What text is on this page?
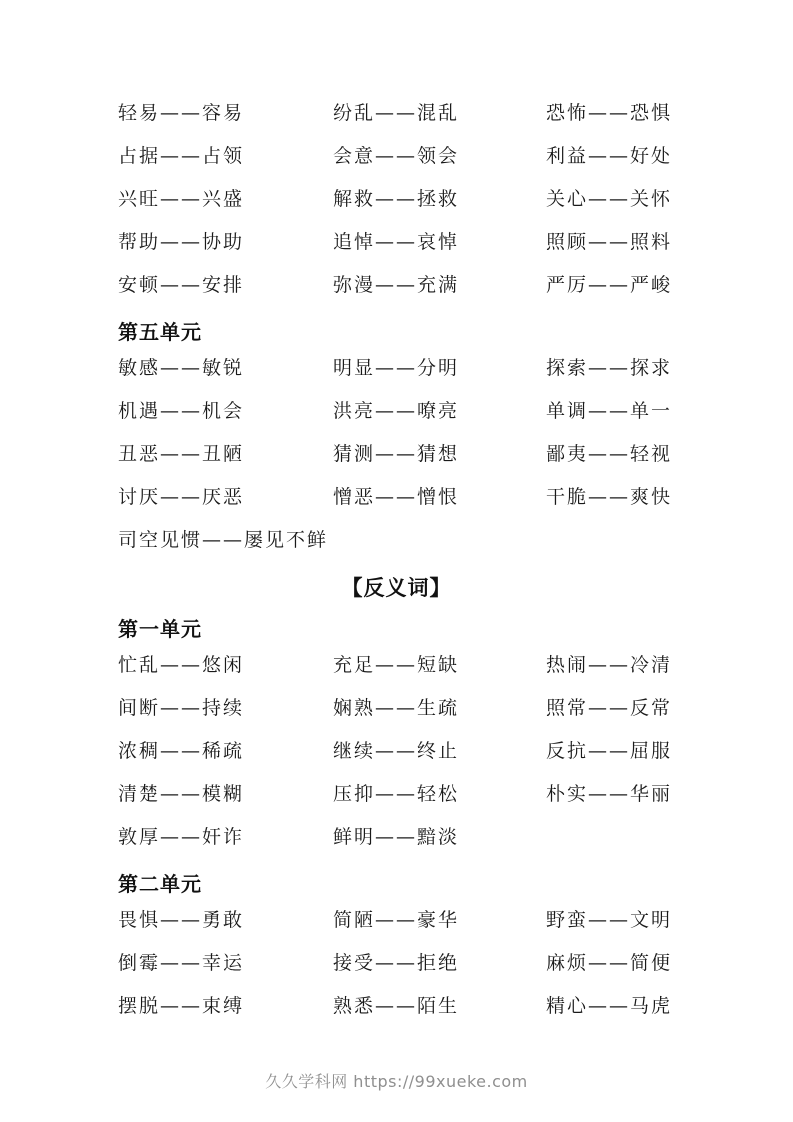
轻易——容易	纷乱——混乱	恐怖——恐惧
占据——占领	会意——领会	利益——好处
兴旺——兴盛	解救——拯救	关心——关怀
帮助——协助	追悼——哀悼	照顾——照料
安顿——安排	弥漫——充满	严厉——严峻
第五单元
敏感——敏锐	明显——分明	探索——探求
机遇——机会	洪亮——嘹亮	单调——单一
丑恶——丑陋	猜测——猜想	鄙夷——轻视
讨厌——厌恶	憎恶——憎恨	干脆——爽快
司空见惯——屡见不鲜
【反义词】
第一单元
忙乱——悠闲	充足——短缺	热闹——冷清
间断——持续	娴熟——生疏	照常——反常
浓稠——稀疏	继续——终止	反抗——屈服
清楚——模糊	压抑——轻松	朴实——华丽
敦厚——奸诈	鲜明——黯淡
第二单元
畏惧——勇敢	简陋——豪华	野蛮——文明
倒霉——幸运	接受——拒绝	麻烦——简便
摆脱——束缚	熟悉——陌生	精心——马虎
久久学科网 https://99xueke.com
